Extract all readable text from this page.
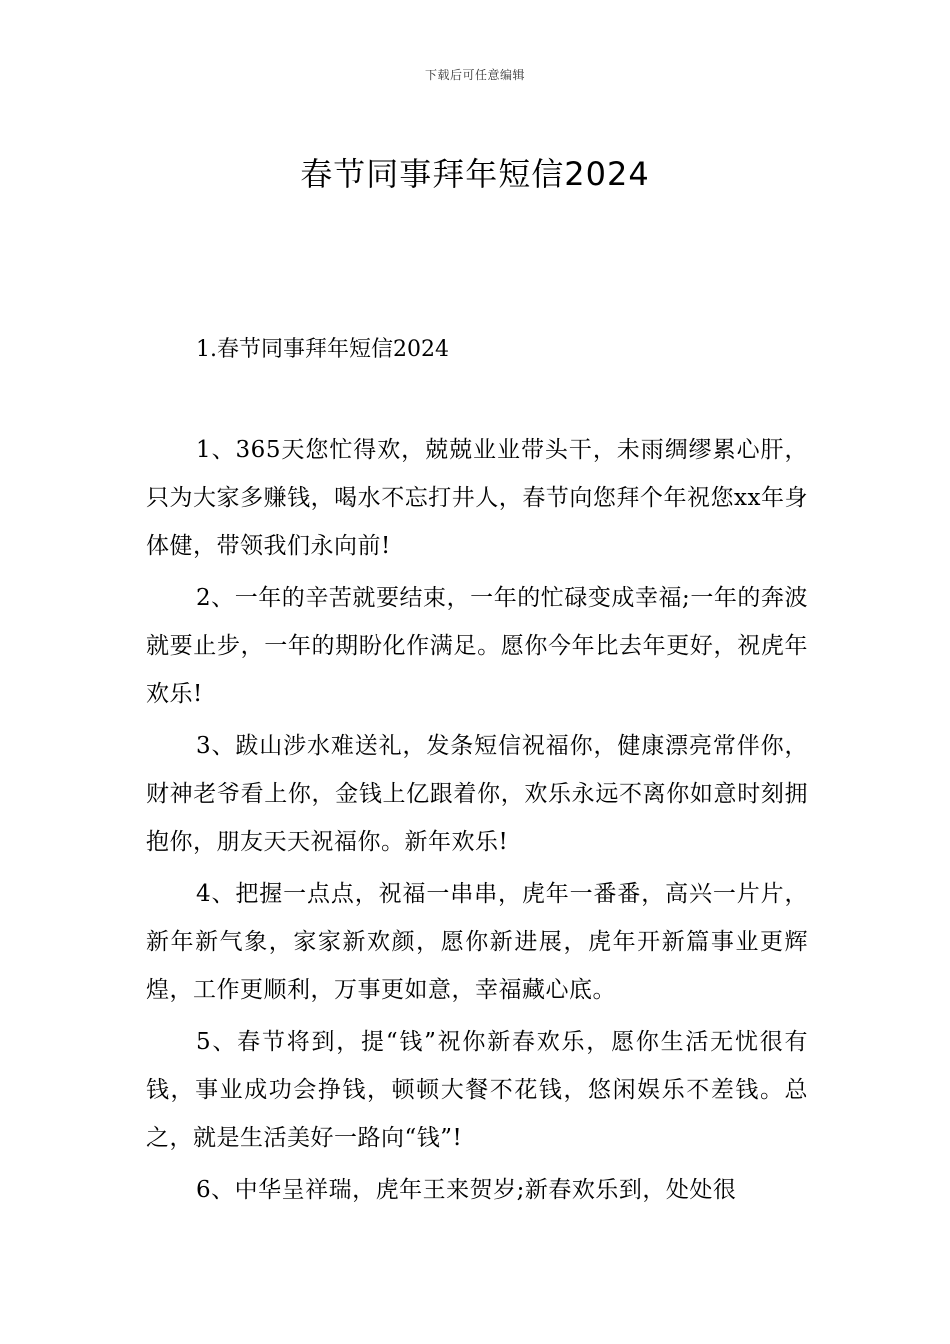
下载后可任意编辑
春节同事拜年短信2024
1.春节同事拜年短信2024

1、365天您忙得欢，兢兢业业带头干，未雨绸缪累心肝，只为大家多赚钱，喝水不忘打井人，春节向您拜个年祝您xx年身体健，带领我们永向前!

2、一年的辛苦就要结束，一年的忙碌变成幸福;一年的奔波就要止步，一年的期盼化作满足。愿你今年比去年更好，祝虎年欢乐!

3、跋山涉水难送礼，发条短信祝福你，健康漂亮常伴你，财神老爷看上你，金钱上亿跟着你，欢乐永远不离你如意时刻拥抱你，朋友天天祝福你。新年欢乐!

4、把握一点点，祝福一串串，虎年一番番，高兴一片片，新年新气象，家家新欢颜，愿你新进展，虎年开新篇事业更辉煌，工作更顺利，万事更如意，幸福藏心底。

5、春节将到，提“钱”祝你新春欢乐，愿你生活无忧很有钱，事业成功会挣钱，顿顿大餐不花钱，悠闲娱乐不差钱。总之，就是生活美好一路向“钱”!

6、中华呈祥瑞，虎年王来贺岁;新春欢乐到，处处很
